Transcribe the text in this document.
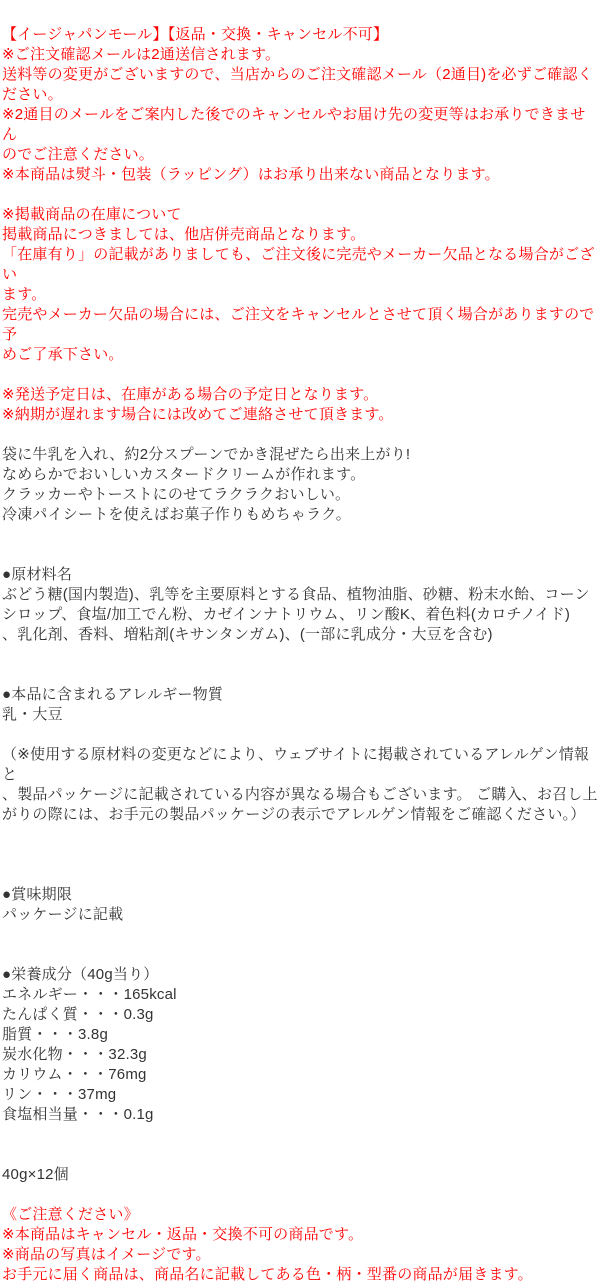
【イージャパンモール】【返品・交換・キャンセル不可】
※ご注文確認メールは2通送信されます。
送料等の変更がございますので、当店からのご注文確認メール（2通目)を必ずご確認く
ださい。
※2通目のメールをご案内した後でのキャンセルやお届け先の変更等はお承りできません
のでご注意ください。
※本商品は熨斗・包装（ラッピング）はお承り出来ない商品となります。
※掲載商品の在庫について
掲載商品につきましては、他店併売商品となります。
「在庫有り」の記載がありましても、ご注文後に完売やメーカー欠品となる場合がござい
ます。
完売やメーカー欠品の場合には、ご注文をキャンセルとさせて頂く場合がありますので予
めご了承下さい。
※発送予定日は、在庫がある場合の予定日となります。
※納期が遅れます場合には改めてご連絡させて頂きます。
袋に牛乳を入れ、約2分スプーンでかき混ぜたら出来上がり!
なめらかでおいしいカスタードクリームが作れます。
クラッカーやトーストにのせてラクラクおいしい。
冷凍パイシートを使えばお菓子作りもめちゃラク。
●原材料名
ぶどう糖(国内製造)、乳等を主要原料とする食品、植物油脂、砂糖、粉末水飴、コーン
シロップ、食塩/加工でん粉、カゼインナトリウム、リン酸K、着色料(カロチノイド)
、乳化剤、香料、増粘剤(キサンタンガム)、(一部に乳成分・大豆を含む)
●本品に含まれるアレルギー物質
乳・大豆
（※使用する原材料の変更などにより、ウェブサイトに掲載されているアレルゲン情報と
、製品パッケージに記載されている内容が異なる場合もございます。 ご購入、お召し上
がりの際には、お手元の製品パッケージの表示でアレルゲン情報をご確認ください。）
●賞味期限
パッケージに記載
●栄養成分（40g当り）
エネルギー・・・165kcal
たんぱく質・・・0.3g
脂質・・・3.8g
炭水化物・・・32.3g
カリウム・・・76mg
リン・・・37mg
食塩相当量・・・0.1g
40g×12個
《ご注意ください》
※本商品はキャンセル・返品・交換不可の商品です。
※商品の写真はイメージです。
お手元に届く商品は、商品名に記載してある色・柄・型番の商品が届きます。
